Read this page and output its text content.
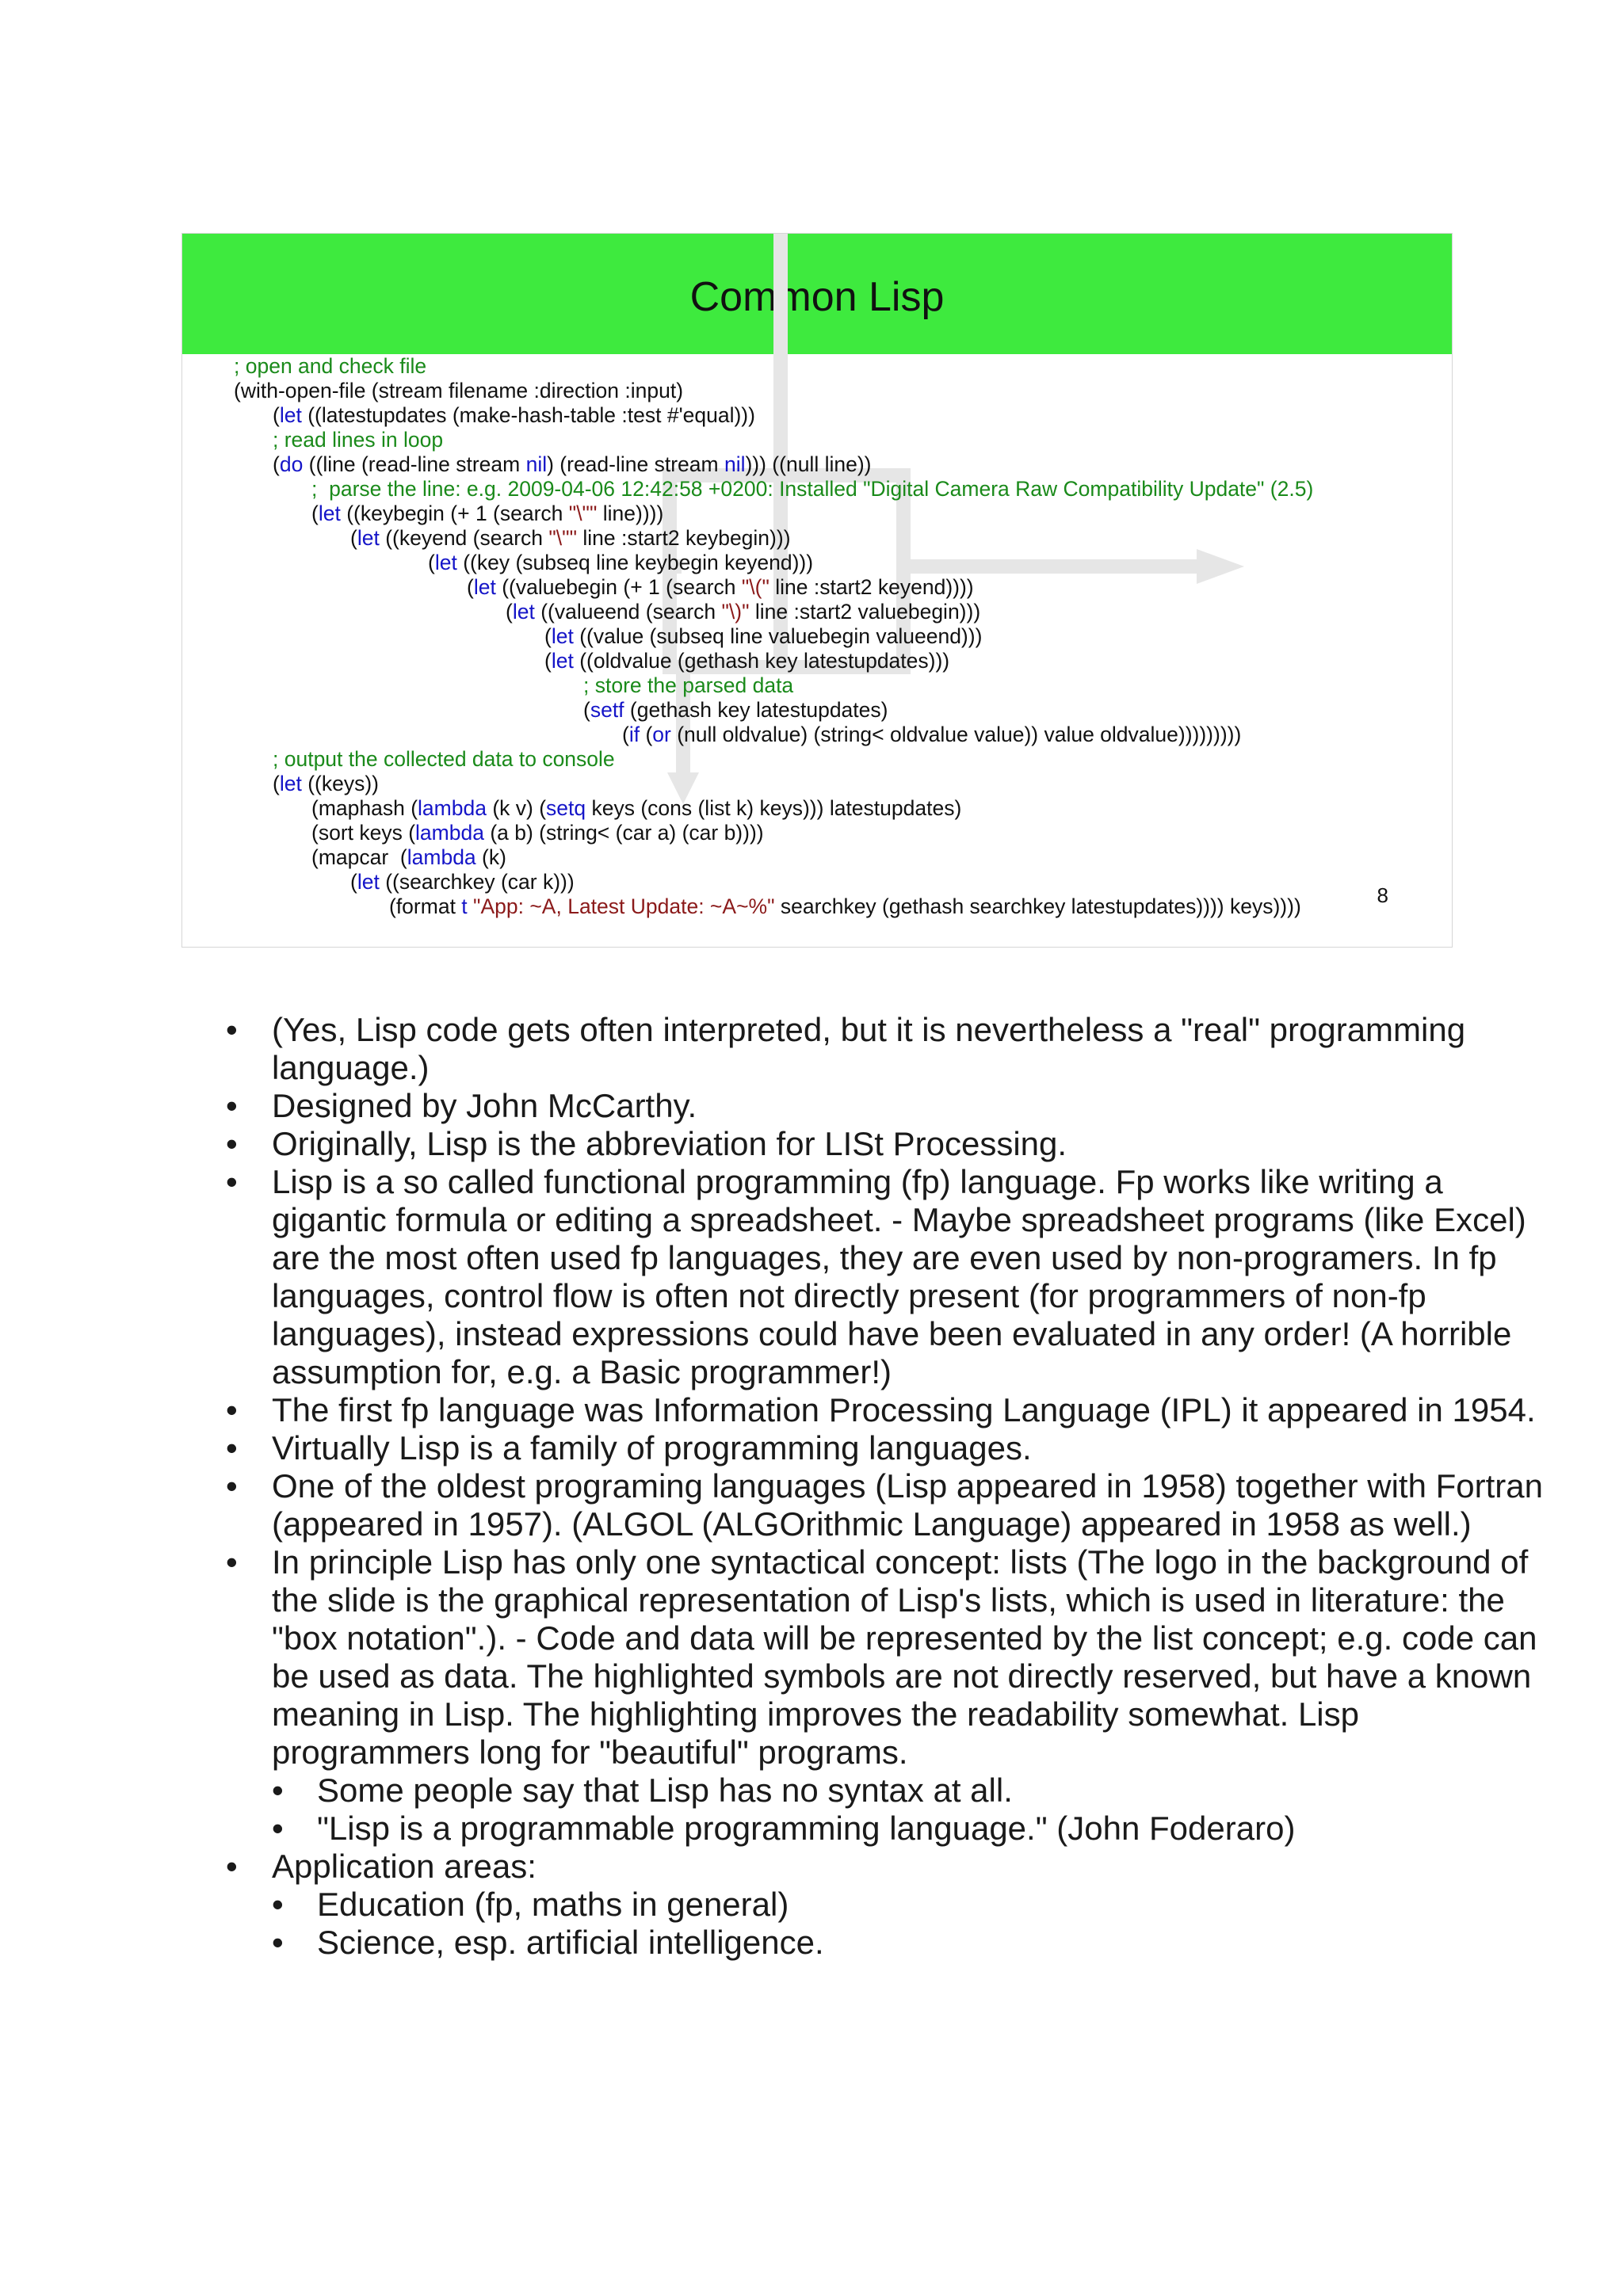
Common Lisp
; open and check file
(with-open-file (stream filename :direction :input)
(let ((latestupdates (make-hash-table :test #'equal)))
; read lines in loop
(do ((line (read-line stream nil) (read-line stream nil))) ((null line))
;  parse the line: e.g. 2009-04-06 12:42:58 +0200: Installed "Digital Camera Raw Compatibility Update" (2.5)
(let ((keybegin (+ 1 (search "\"" line))))
(let ((keyend (search "\"" line :start2 keybegin)))
(let ((key (subseq line keybegin keyend)))
(let ((valuebegin (+ 1 (search "\(" line :start2 keyend))))
(let ((valueend (search "\)" line :start2 valuebegin)))
(let ((value (subseq line valuebegin valueend)))
(let ((oldvalue (gethash key latestupdates)))
; store the parsed data
(setf (gethash key latestupdates)
(if (or (null oldvalue) (string< oldvalue value)) value oldvalue)))))))))
; output the collected data to console
(let ((keys))
(maphash (lambda (k v) (setq keys (cons (list k) keys))) latestupdates)
(sort keys (lambda (a b) (string< (car a) (car b))))
(mapcar  (lambda (k)
(let ((searchkey (car k)))
(format t "App: ~A, Latest Update: ~A~%" searchkey (gethash searchkey latestupdates)))) keys))))	8
• (Yes, Lisp code gets often interpreted, but it is nevertheless a "real" programming language.)
• Designed by John McCarthy.
• Originally, Lisp is the abbreviation for LISt Processing.
• Lisp is a so called functional programming (fp) language. Fp works like writing a gigantic formula or editing a spreadsheet. - Maybe spreadsheet programs (like Excel) are the most often used fp languages, they are even used by non-programers. In fp languages, control flow is often not directly present (for programmers of non-fp languages), instead expressions could have been evaluated in any order! (A horrible assumption for, e.g. a Basic programmer!)
• The first fp language was Information Processing Language (IPL) it appeared in 1954.
• Virtually Lisp is a family of programming languages.
• One of the oldest programing languages (Lisp appeared in 1958) together with Fortran (appeared in 1957). (ALGOL (ALGOrithmic Language) appeared in 1958 as well.)
• In principle Lisp has only one syntactical concept: lists (The logo in the background of the slide is the graphical representation of Lisp's lists, which is used in literature: the "box notation".). - Code and data will be represented by the list concept; e.g. code can be used as data. The highlighted symbols are not directly reserved, but have a known meaning in Lisp. The highlighting improves the readability somewhat. Lisp programmers long for "beautiful" programs.
• Some people say that Lisp has no syntax at all.
• "Lisp is a programmable programming language." (John Foderaro)
• Application areas:
• Education (fp, maths in general)
• Science, esp. artificial intelligence.
